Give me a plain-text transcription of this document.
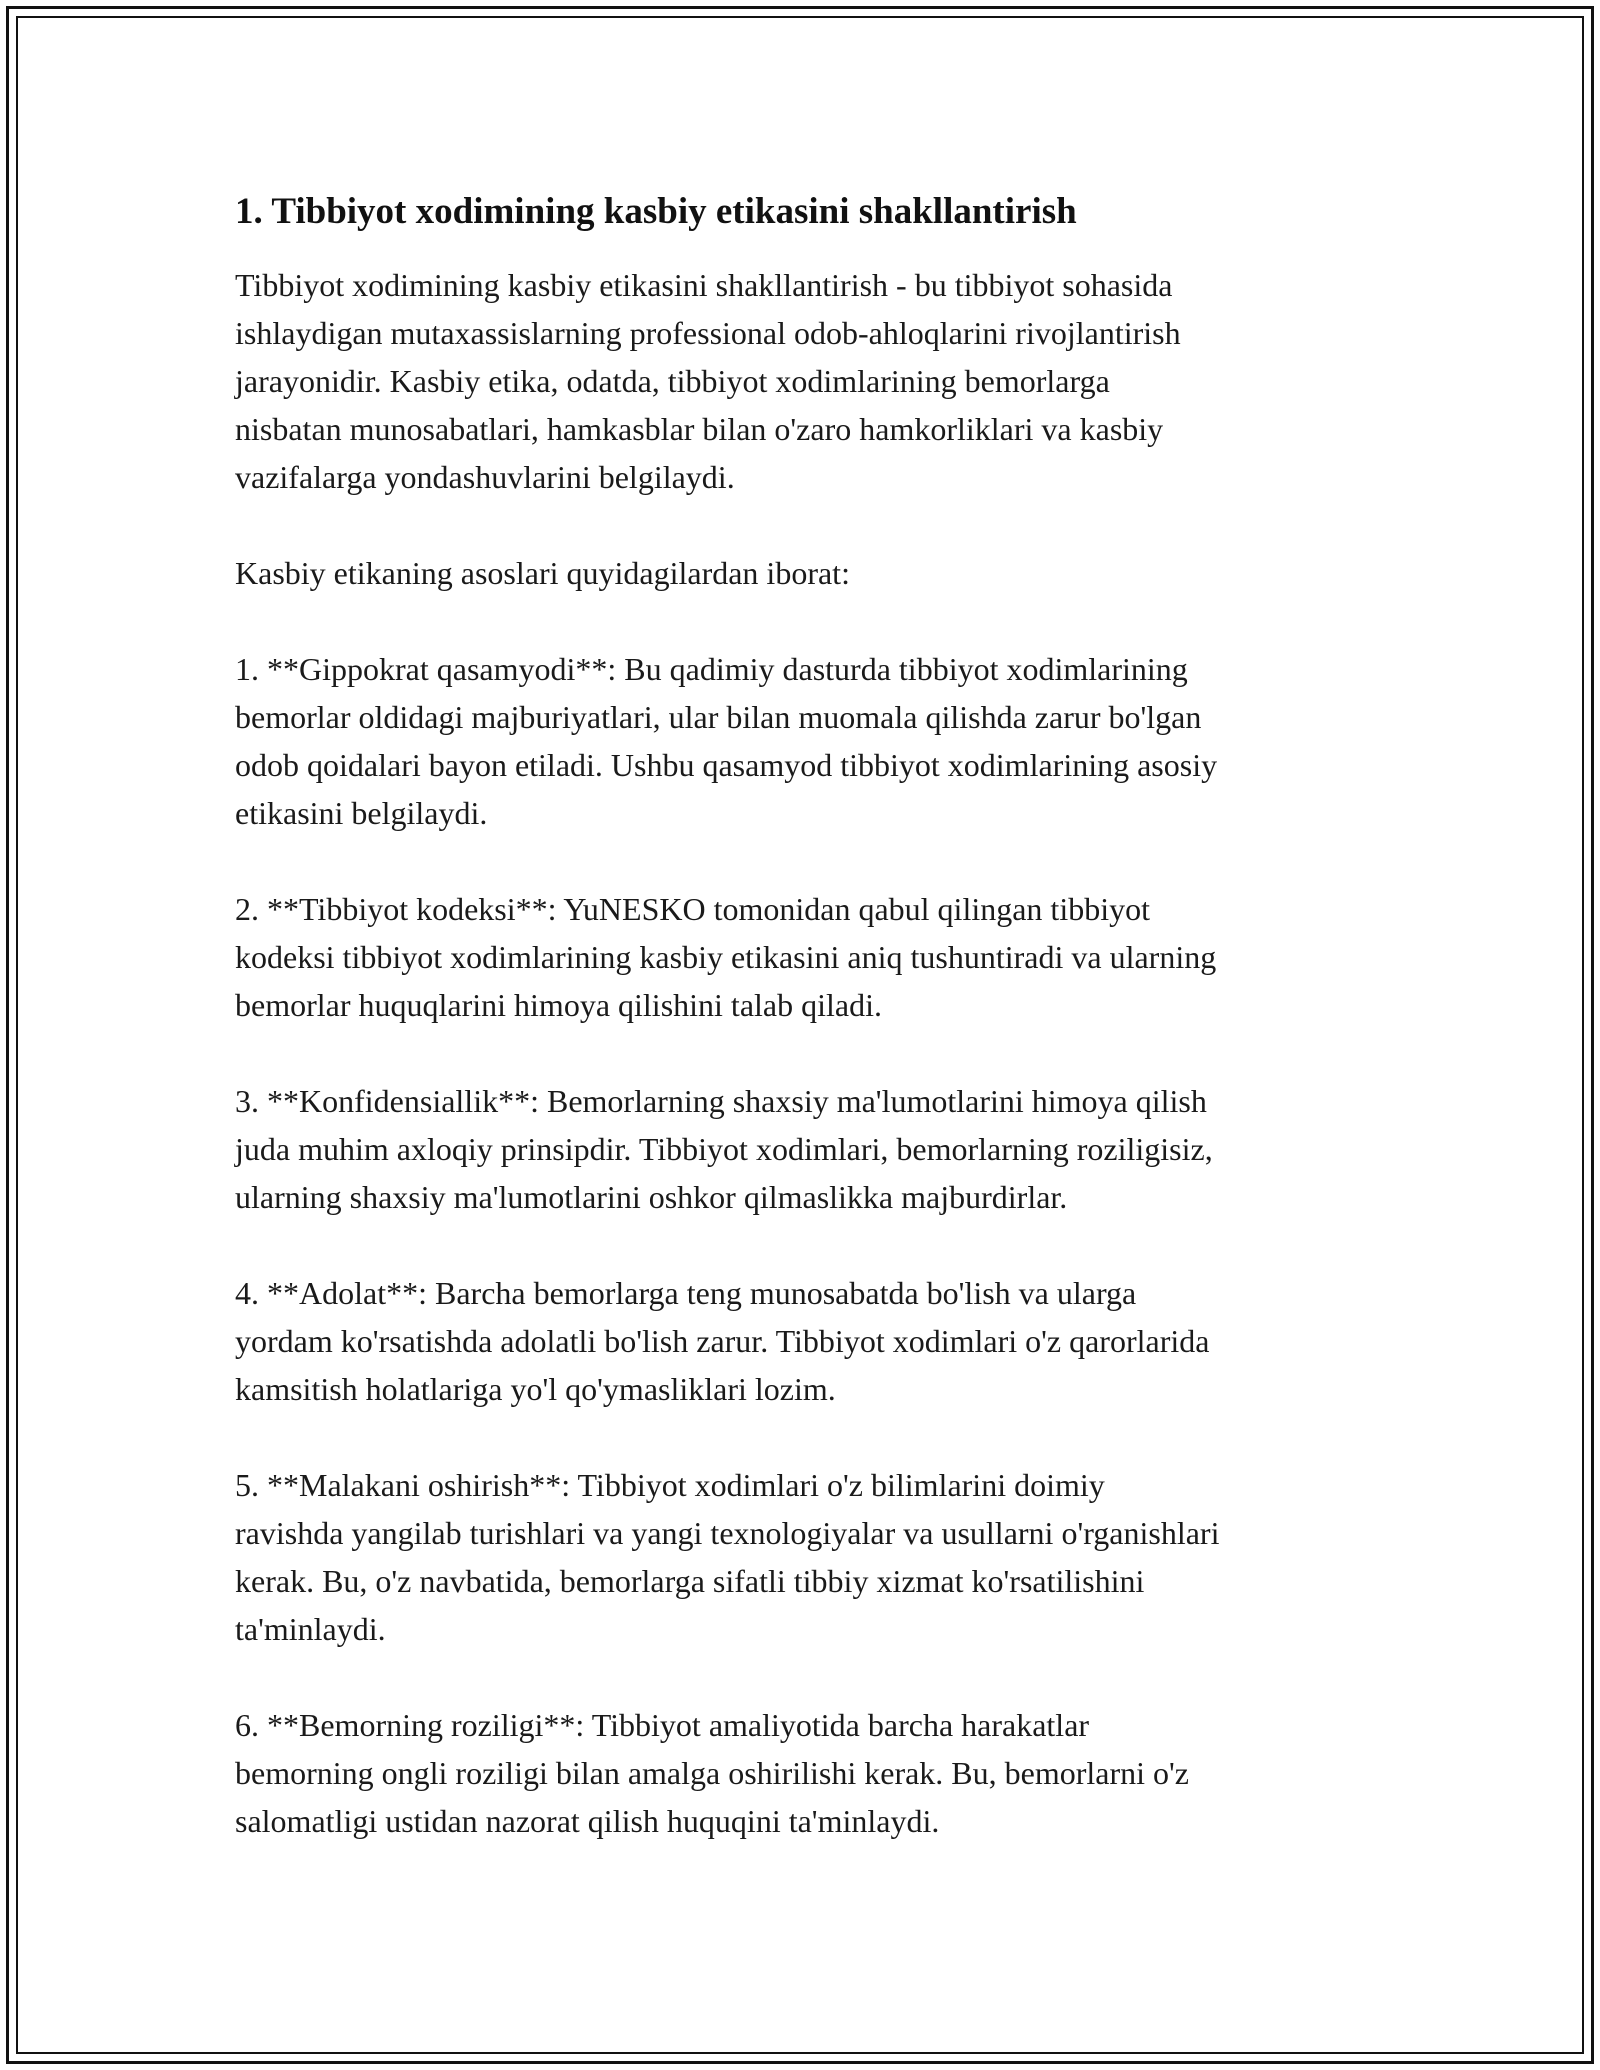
1. Tibbiyot xodimining kasbiy etikasini shakllantirish

Tibbiyot xodimining kasbiy etikasini shakllantirish - bu tibbiyot sohasida
ishlaydigan mutaxassislarning professional odob-ahloqlarini rivojlantirish
jarayonidir. Kasbiy etika, odatda, tibbiyot xodimlarining bemorlarga
nisbatan munosabatlari, hamkasblar bilan o'zaro hamkorliklari va kasbiy
vazifalarga yondashuvlarini belgilaydi.

Kasbiy etikaning asoslari quyidagilardan iborat:

1. **Gippokrat qasamyodi**: Bu qadimiy dasturda tibbiyot xodimlarining
bemorlar oldidagi majburiyatlari, ular bilan muomala qilishda zarur bo'lgan
odob qoidalari bayon etiladi. Ushbu qasamyod tibbiyot xodimlarining asosiy
etikasini belgilaydi.

2. **Tibbiyot kodeksi**: YuNESKO tomonidan qabul qilingan tibbiyot
kodeksi tibbiyot xodimlarining kasbiy etikasini aniq tushuntiradi va ularning
bemorlar huquqlarini himoya qilishini talab qiladi.

3. **Konfidensiallik**: Bemorlarning shaxsiy ma'lumotlarini himoya qilish
juda muhim axloqiy prinsipdir. Tibbiyot xodimlari, bemorlarning roziligisiz,
ularning shaxsiy ma'lumotlarini oshkor qilmaslikka majburdirlar.

4. **Adolat**: Barcha bemorlarga teng munosabatda bo'lish va ularga
yordam ko'rsatishda adolatli bo'lish zarur. Tibbiyot xodimlari o'z qarorlarida
kamsitish holatlariga yo'l qo'ymasliklari lozim.

5. **Malakani oshirish**: Tibbiyot xodimlari o'z bilimlarini doimiy
ravishda yangilab turishlari va yangi texnologiyalar va usullarni o'rganishlari
kerak. Bu, o'z navbatida, bemorlarga sifatli tibbiy xizmat ko'rsatilishini
ta'minlaydi.

6. **Bemorning roziligi**: Tibbiyot amaliyotida barcha harakatlar
bemorning ongli roziligi bilan amalga oshirilishi kerak. Bu, bemorlarni o'z
salomatligi ustidan nazorat qilish huquqini ta'minlaydi.
